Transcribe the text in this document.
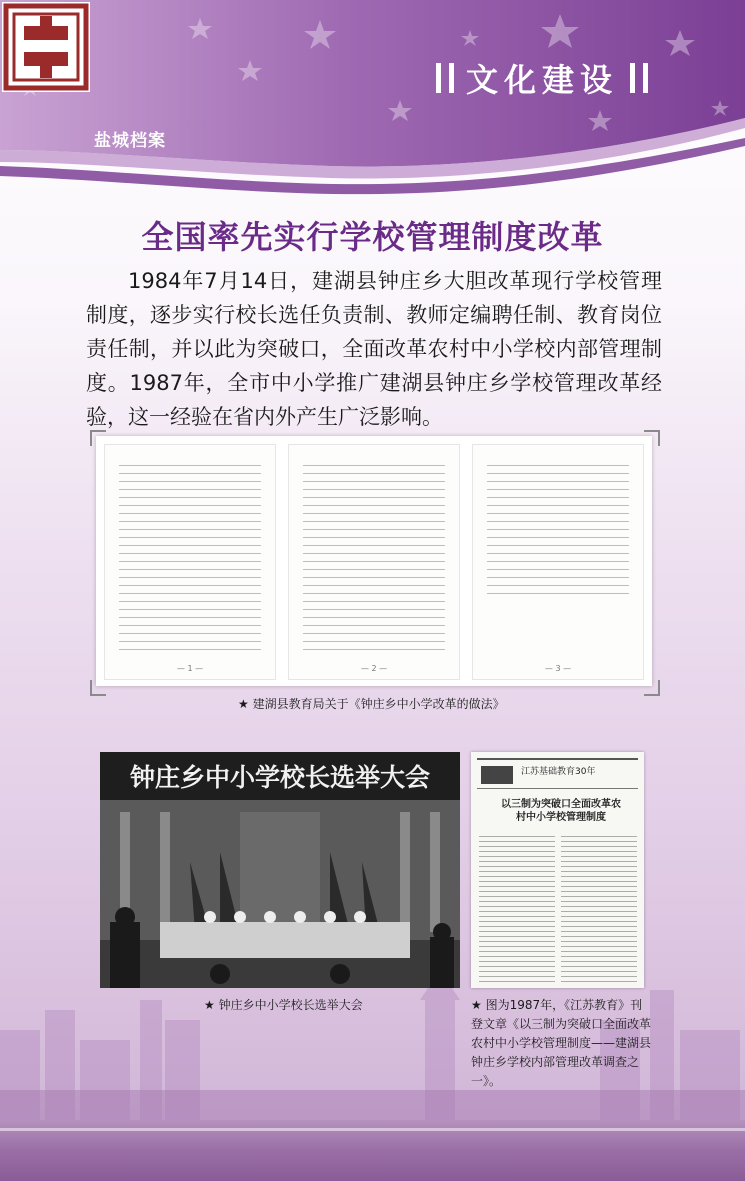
盐城档案
文化建设
全国率先实行学校管理制度改革

1984年7月14日，建湖县钟庄乡大胆改革现行学校管理制度，逐步实行校长选任负责制、教师定编聘任制、教育岗位责任制，并以此为突破口，全面改革农村中小学校内部管理制度。1987年，全市中小学推广建湖县钟庄乡学校管理改革经验，这一经验在省内外产生广泛影响。

— 1 —	— 2 —	— 3 —
★ 建湖县教育局关于《钟庄乡中小学改革的做法》
钟庄乡中小学校长选举大会
★ 钟庄乡中小学校长选举大会
江苏基础教育30年
以三制为突破口全面改革农村中小学校管理制度

★ 图为1987年，《江苏教育》刊登文章《以三制为突破口全面改革农村中小学校管理制度——建湖县钟庄乡学校内部管理改革调查之一》。
